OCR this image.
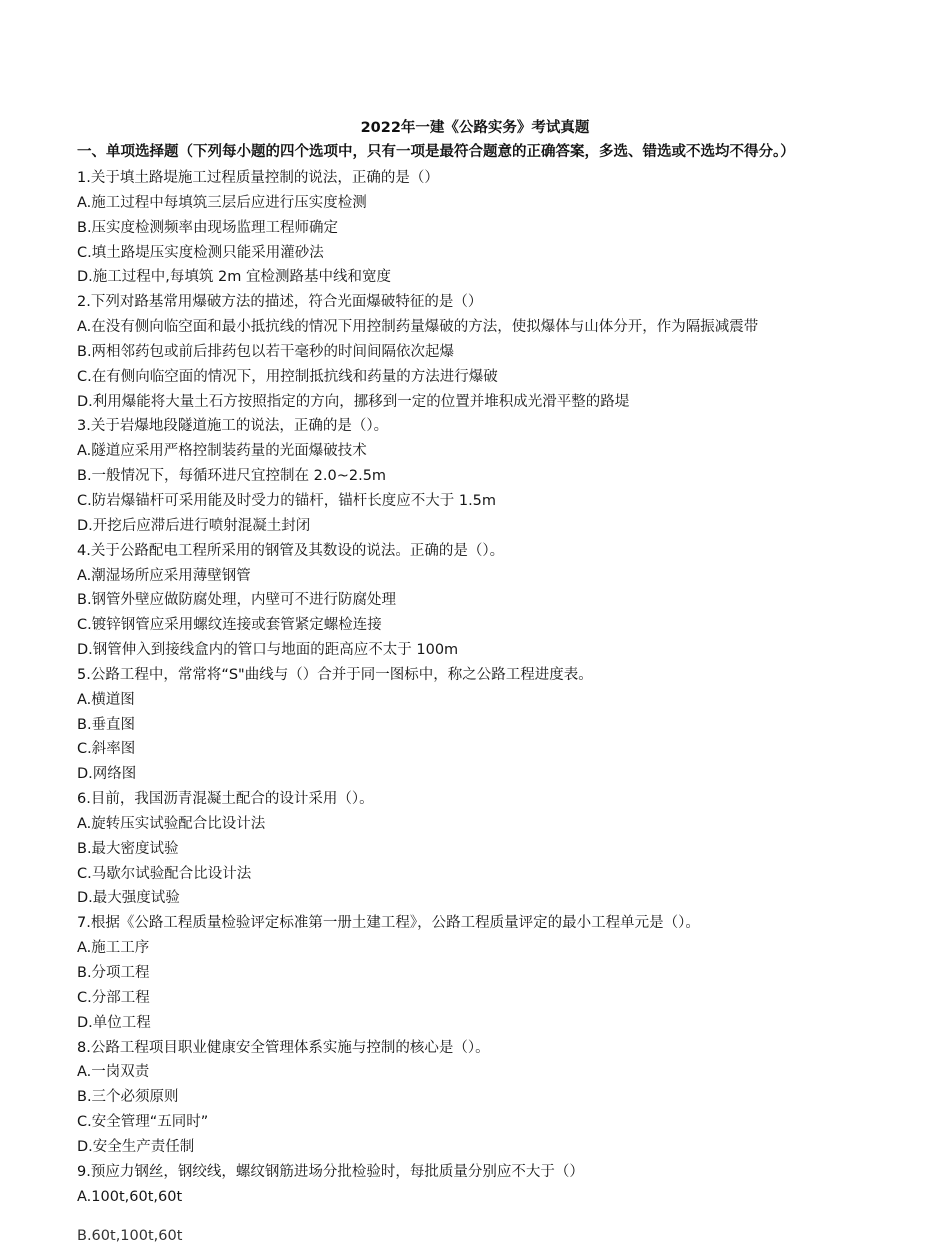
2022年一建《公路实务》考试真题
一、单项选择题（下列每小题的四个选项中，只有一项是最符合题意的正确答案，多选、错选或不选均不得分。）
1.关于填土路堤施工过程质量控制的说法，正确的是（）
A.施工过程中每填筑三层后应进行压实度检测
B.压实度检测频率由现场监理工程师确定
C.填土路堤压实度检测只能采用灌砂法
D.施工过程中,每填筑 2m 宜检测路基中线和宽度
2.下列对路基常用爆破方法的描述，符合光面爆破特征的是（）
A.在没有侧向临空面和最小抵抗线的情况下用控制药量爆破的方法，使拟爆体与山体分开，作为隔振减震带
B.两相邻药包或前后排药包以若干毫秒的时间间隔依次起爆
C.在有侧向临空面的情况下，用控制抵抗线和药量的方法进行爆破
D.利用爆能将大量土石方按照指定的方向，挪移到一定的位置并堆积成光滑平整的路堤
3.关于岩爆地段隧道施工的说法，正确的是（）。
A.隧道应采用严格控制装药量的光面爆破技术
B.一般情况下，每循环进尺宜控制在 2.0~2.5m
C.防岩爆锚杆可采用能及时受力的锚杆，锚杆长度应不大于 1.5m
D.开挖后应滞后进行喷射混凝土封闭
4.关于公路配电工程所采用的钢管及其数设的说法。正确的是（）。
A.潮湿场所应采用薄壁钢管
B.钢管外壁应做防腐处理，内壁可不进行防腐处理
C.镀锌钢管应采用螺纹连接或套管紧定螺检连接
D.钢管伸入到接线盒内的管口与地面的距高应不太于 100m
5.公路工程中，常常将“S"曲线与（）合并于同一图标中，称之公路工程进度表。
A.横道图
B.垂直图
C.斜率图
D.网络图
6.目前，我国沥青混凝土配合的设计采用（）。
A.旋转压实试验配合比设计法
B.最大密度试验
C.马歇尔试验配合比设计法
D.最大强度试验
7.根据《公路工程质量检验评定标准第一册土建工程》，公路工程质量评定的最小工程单元是（）。
A.施工工序
B.分项工程
C.分部工程
D.单位工程
8.公路工程项目职业健康安全管理体系实施与控制的核心是（）。
A.一岗双责
B.三个必须原则
C.安全管理“五同时”
D.安全生产责任制
9.预应力钢丝，钢绞线，螺纹钢筋进场分批检验时，每批质量分别应不大于（）
A.100t,60t,60t
B.60t,100t,60t
